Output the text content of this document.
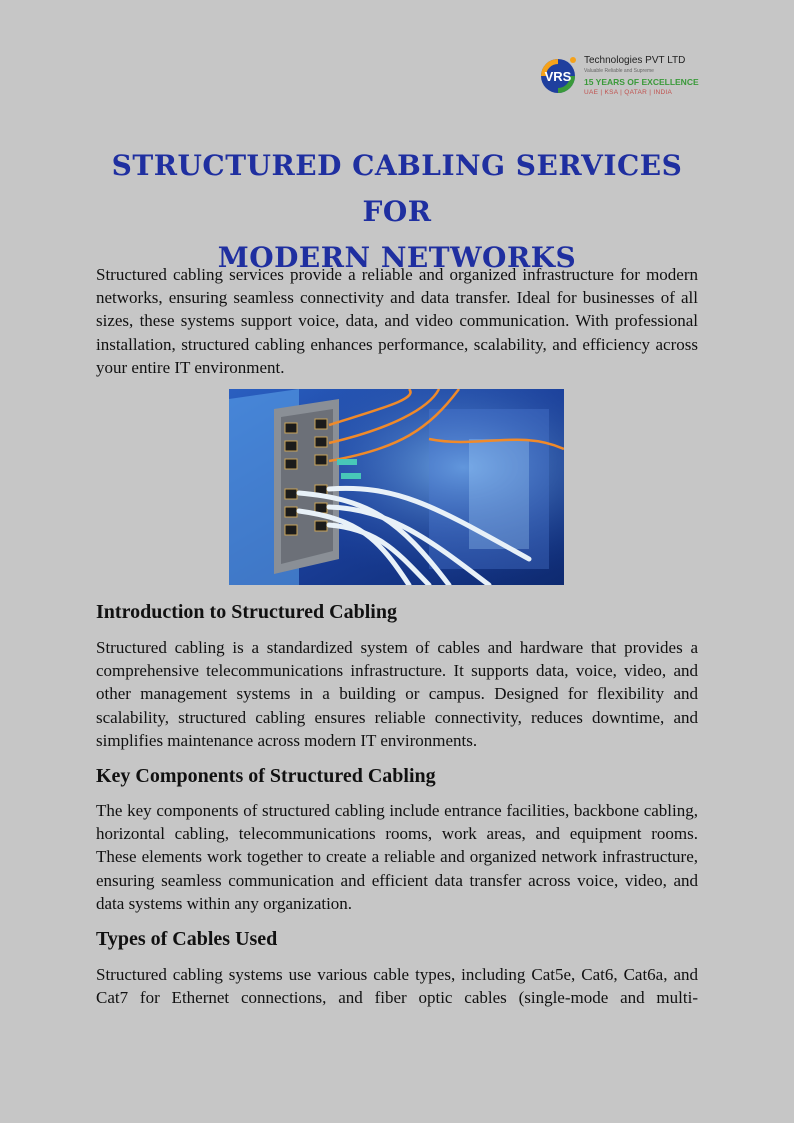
VRS
Technologies PVT LTD
Valuable Reliable and Supreme
15 YEARS OF EXCELLENCE
UAE | KSA | QATAR | INDIA
STRUCTURED CABLING SERVICES FOR
MODERN NETWORKS

Structured cabling services provide a reliable and organized infrastructure for modern networks, ensuring seamless connectivity and data transfer. Ideal for businesses of all sizes, these systems support voice, data, and video communication. With professional installation, structured cabling enhances performance, scalability, and efficiency across your entire IT environment.

Introduction to Structured Cabling

Structured cabling is a standardized system of cables and hardware that provides a comprehensive telecommunications infrastructure. It supports data, voice, video, and other management systems in a building or campus. Designed for flexibility and scalability, structured cabling ensures reliable connectivity, reduces downtime, and simplifies maintenance across modern IT environments.

Key Components of Structured Cabling

The key components of structured cabling include entrance facilities, backbone cabling, horizontal cabling, telecommunications rooms, work areas, and equipment rooms. These elements work together to create a reliable and organized network infrastructure, ensuring seamless communication and efficient data transfer across voice, video, and data systems within any organization.

Types of Cables Used

Structured cabling systems use various cable types, including Cat5e, Cat6, Cat6a, and Cat7 for Ethernet connections, and fiber optic cables (single-mode and multi-
